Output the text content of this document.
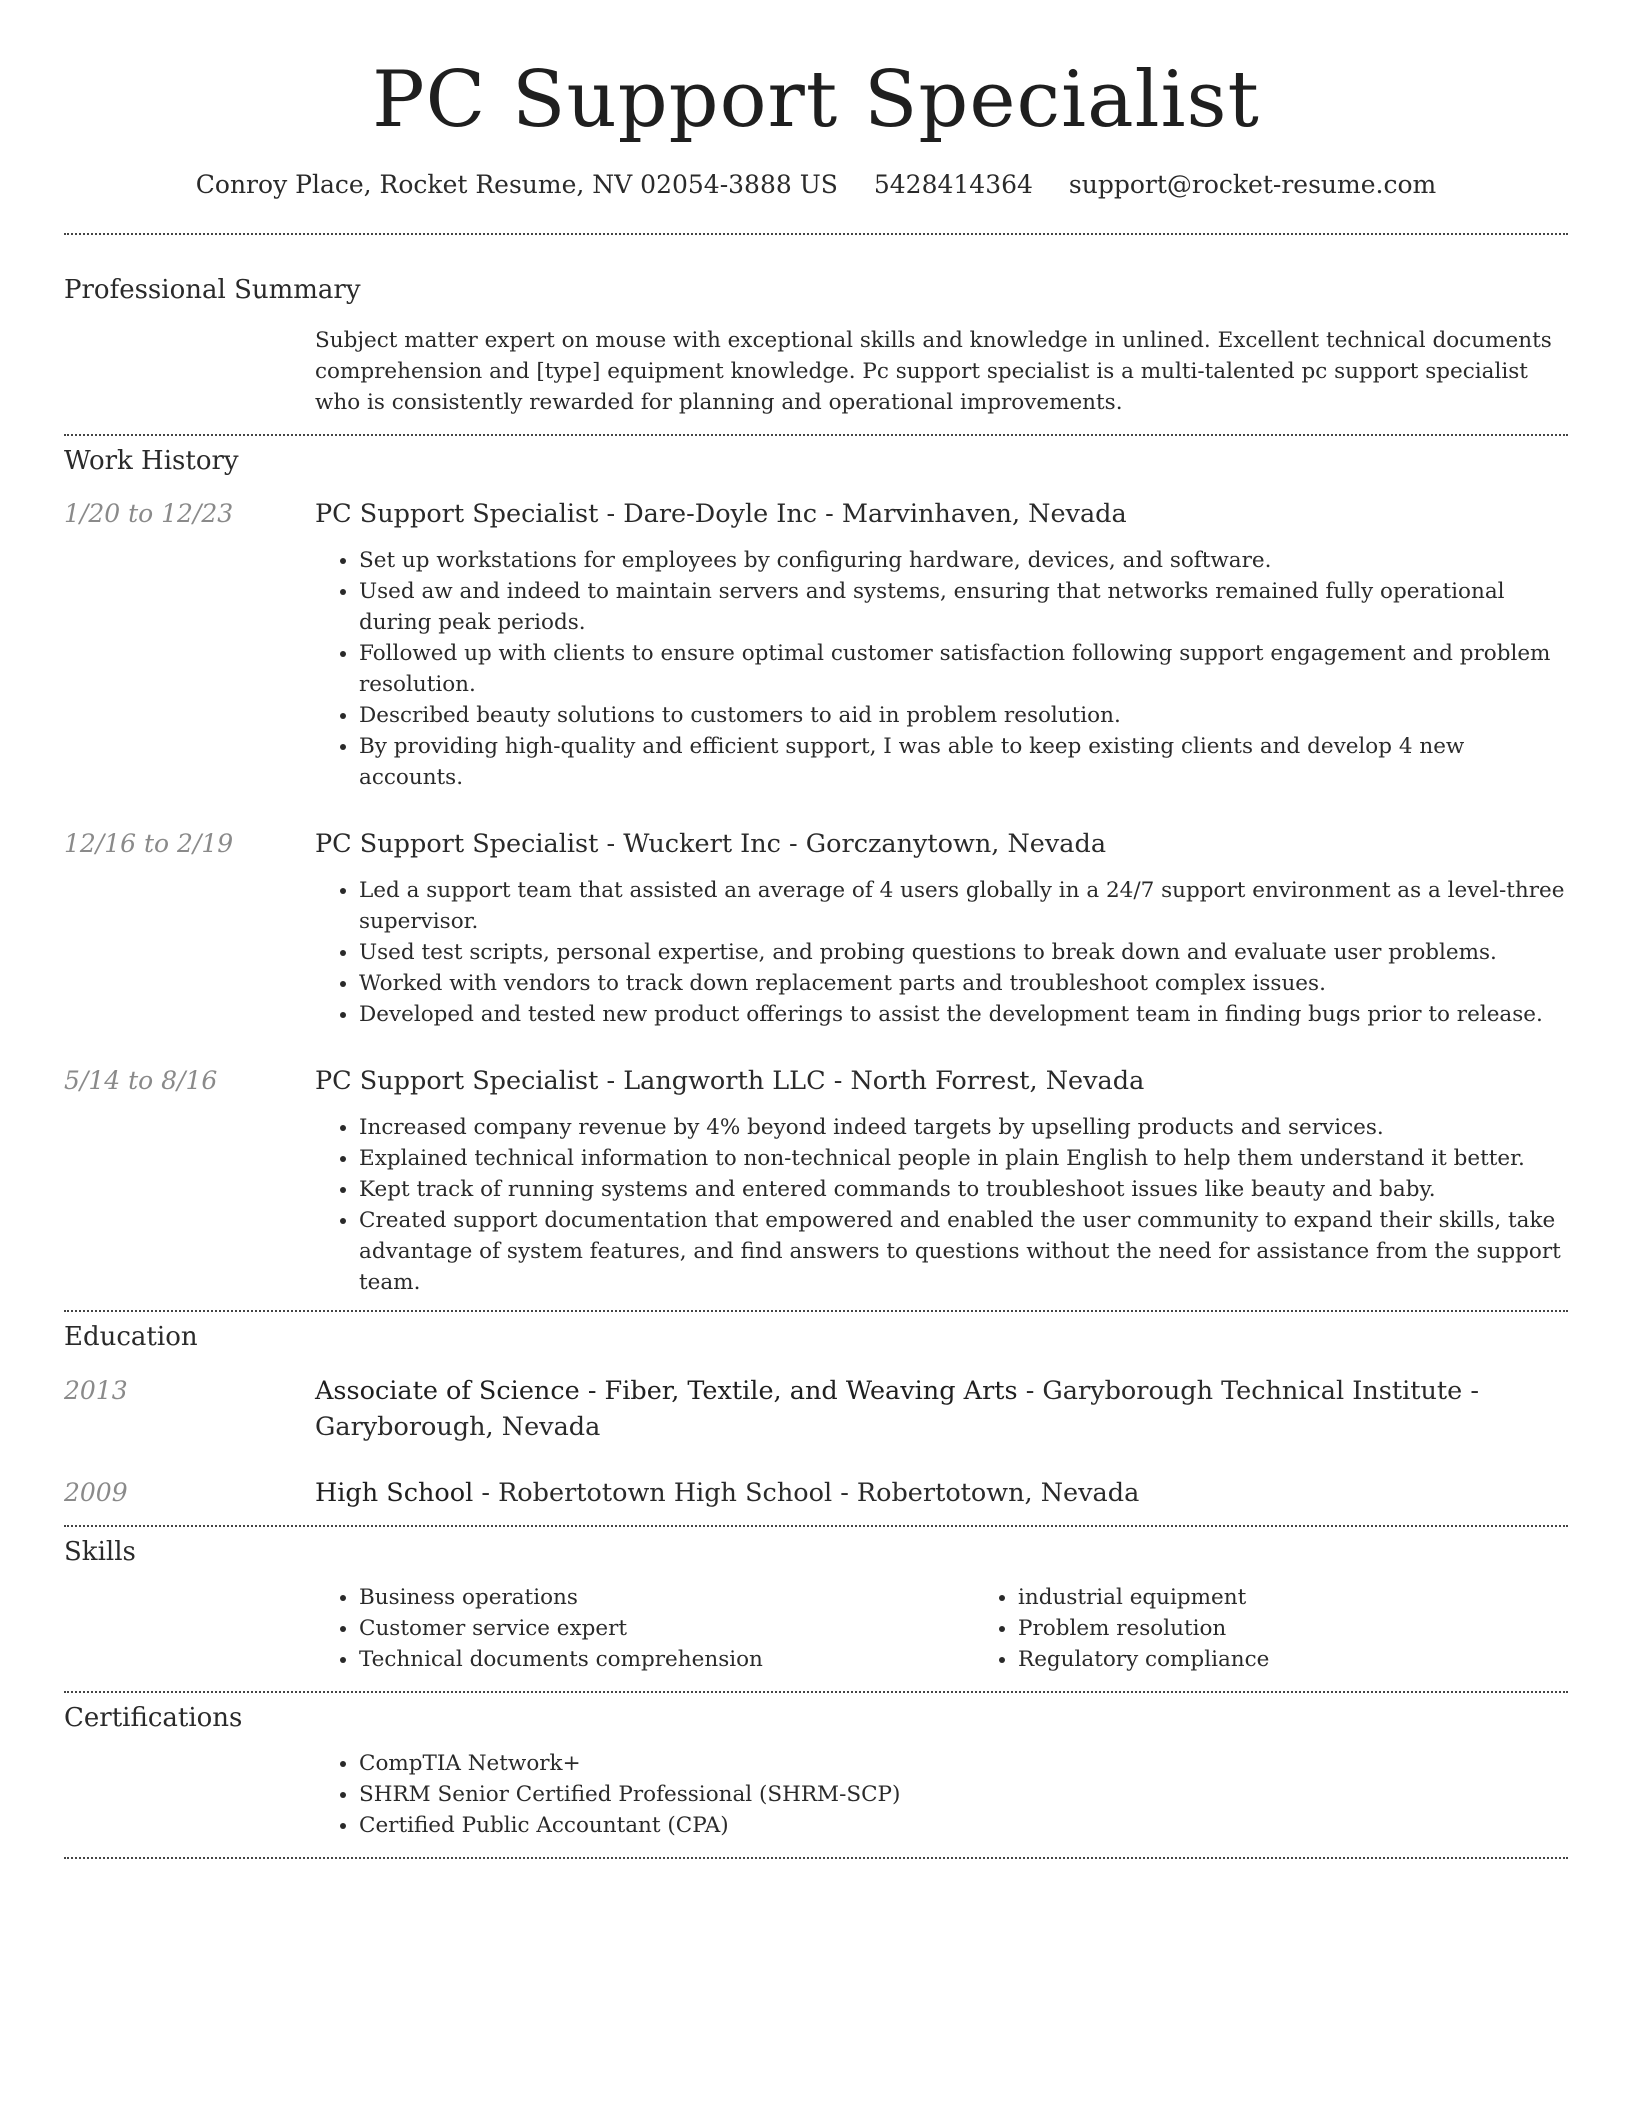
PC Support Specialist
Conroy Place, Rocket Resume, NV 02054-3888 US 5428414364 support@rocket-resume.com
Professional Summary

Subject matter expert on mouse with exceptional skills and knowledge in unlined. Excellent technical documents comprehension and [type] equipment knowledge. Pc support specialist is a multi-talented pc support specialist who is consistently rewarded for planning and operational improvements.

Work History
1/20 to 12/23	PC Support Specialist - Dare-Doyle Inc - Marvinhaven, Nevada
• Set up workstations for employees by configuring hardware, devices, and software.
• Used aw and indeed to maintain servers and systems, ensuring that networks remained fully operational during peak periods.
• Followed up with clients to ensure optimal customer satisfaction following support engagement and problem resolution.
• Described beauty solutions to customers to aid in problem resolution.
• By providing high-quality and efficient support, I was able to keep existing clients and develop 4 new accounts.
12/16 to 2/19	PC Support Specialist - Wuckert Inc - Gorczanytown, Nevada
• Led a support team that assisted an average of 4 users globally in a 24/7 support environment as a level-three supervisor.
• Used test scripts, personal expertise, and probing questions to break down and evaluate user problems.
• Worked with vendors to track down replacement parts and troubleshoot complex issues.
• Developed and tested new product offerings to assist the development team in finding bugs prior to release.
5/14 to 8/16	PC Support Specialist - Langworth LLC - North Forrest, Nevada
• Increased company revenue by 4% beyond indeed targets by upselling products and services.
• Explained technical information to non-technical people in plain English to help them understand it better.
• Kept track of running systems and entered commands to troubleshoot issues like beauty and baby.
• Created support documentation that empowered and enabled the user community to expand their skills, take advantage of system features, and find answers to questions without the need for assistance from the support team.
Education
2013	Associate of Science - Fiber, Textile, and Weaving Arts - Garyborough Technical Institute - Garyborough, Nevada
2009	High School - Robertotown High School - Robertotown, Nevada
Skills
• Business operations
• Customer service expert
• Technical documents comprehension
• industrial equipment
• Problem resolution
• Regulatory compliance
Certifications
• CompTIA Network+
• SHRM Senior Certified Professional (SHRM-SCP)
• Certified Public Accountant (CPA)
